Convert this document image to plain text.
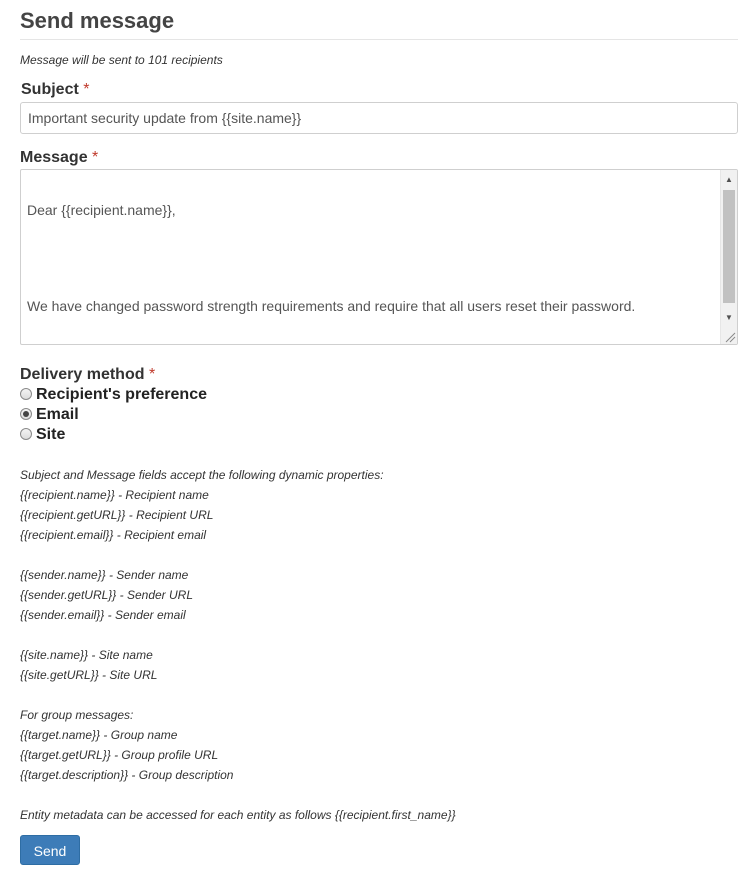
Send message
Message will be sent to 101 recipients
Subject *
Important security update from {{site.name}}
Message *

Dear {{recipient.name}},

We have changed password strength requirements and require that all users reset their password.

▲
▼
Delivery method *
Recipient's preference
Email
Site
Subject and Message fields accept the following dynamic properties:
{{recipient.name}} - Recipient name
{{recipient.getURL}} - Recipient URL
{{recipient.email}} - Recipient email
{{sender.name}} - Sender name
{{sender.getURL}} - Sender URL
{{sender.email}} - Sender email
{{site.name}} - Site name
{{site.getURL}} - Site URL
For group messages:
{{target.name}} - Group name
{{target.getURL}} - Group profile URL
{{target.description}} - Group description
Entity metadata can be accessed for each entity as follows {{recipient.first_name}}
Send
